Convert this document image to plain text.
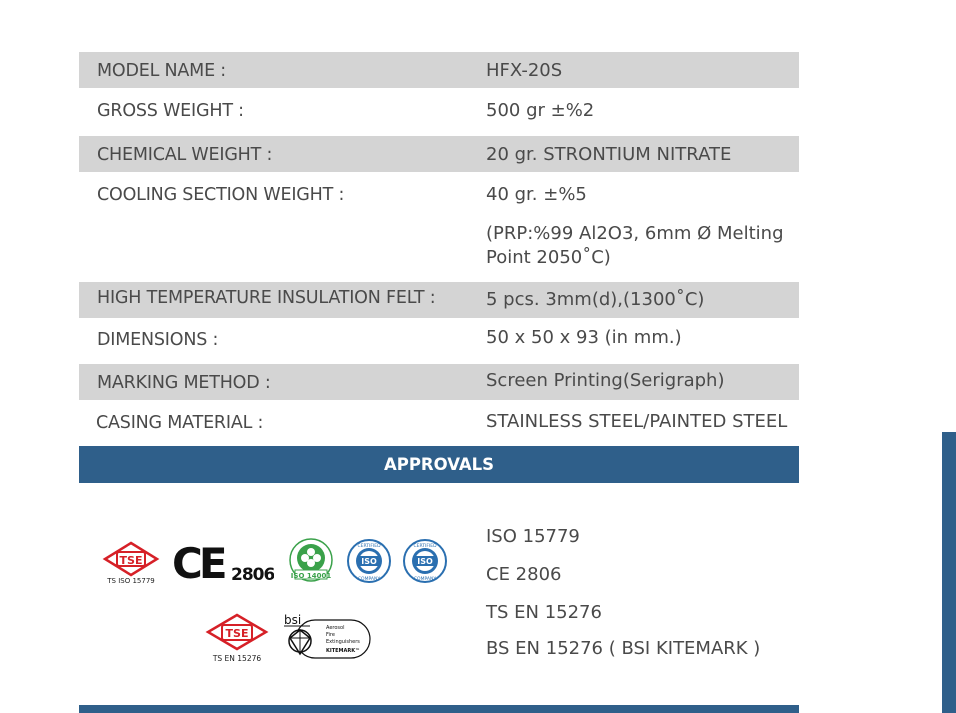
MODEL NAME :	HFX-20S
GROSS WEIGHT :	500 gr ±%2
CHEMICAL WEIGHT :	20 gr. STRONTIUM NITRATE
COOLING SECTION WEIGHT :	40 gr. ±%5
(PRP:%99 Al2O3, 6mm Ø Melting
Point 2050˚C)
HIGH TEMPERATURE INSULATION FELT :	5 pcs. 3mm(d),(1300˚C)
DIMENSIONS :	50 x 50 x 93 (in mm.)
MARKING METHOD :	Screen Printing(Serigraph)
CASING MATERIAL :	STAINLESS STEEL/PAINTED STEEL
APPROVALS
ISO 15779
CE 2806
TS EN 15276
BS EN 15276 ( BSI KITEMARK )
TSE
TS ISO 15779 CE 2806 ISO 14001
ISO
CERTIFIED
COMPANY
ISO
CERTIFIED
COMPANY
TSE
TS EN 15276
bsi
Aerosol
Fire
Extinguishers
KITEMARK™
